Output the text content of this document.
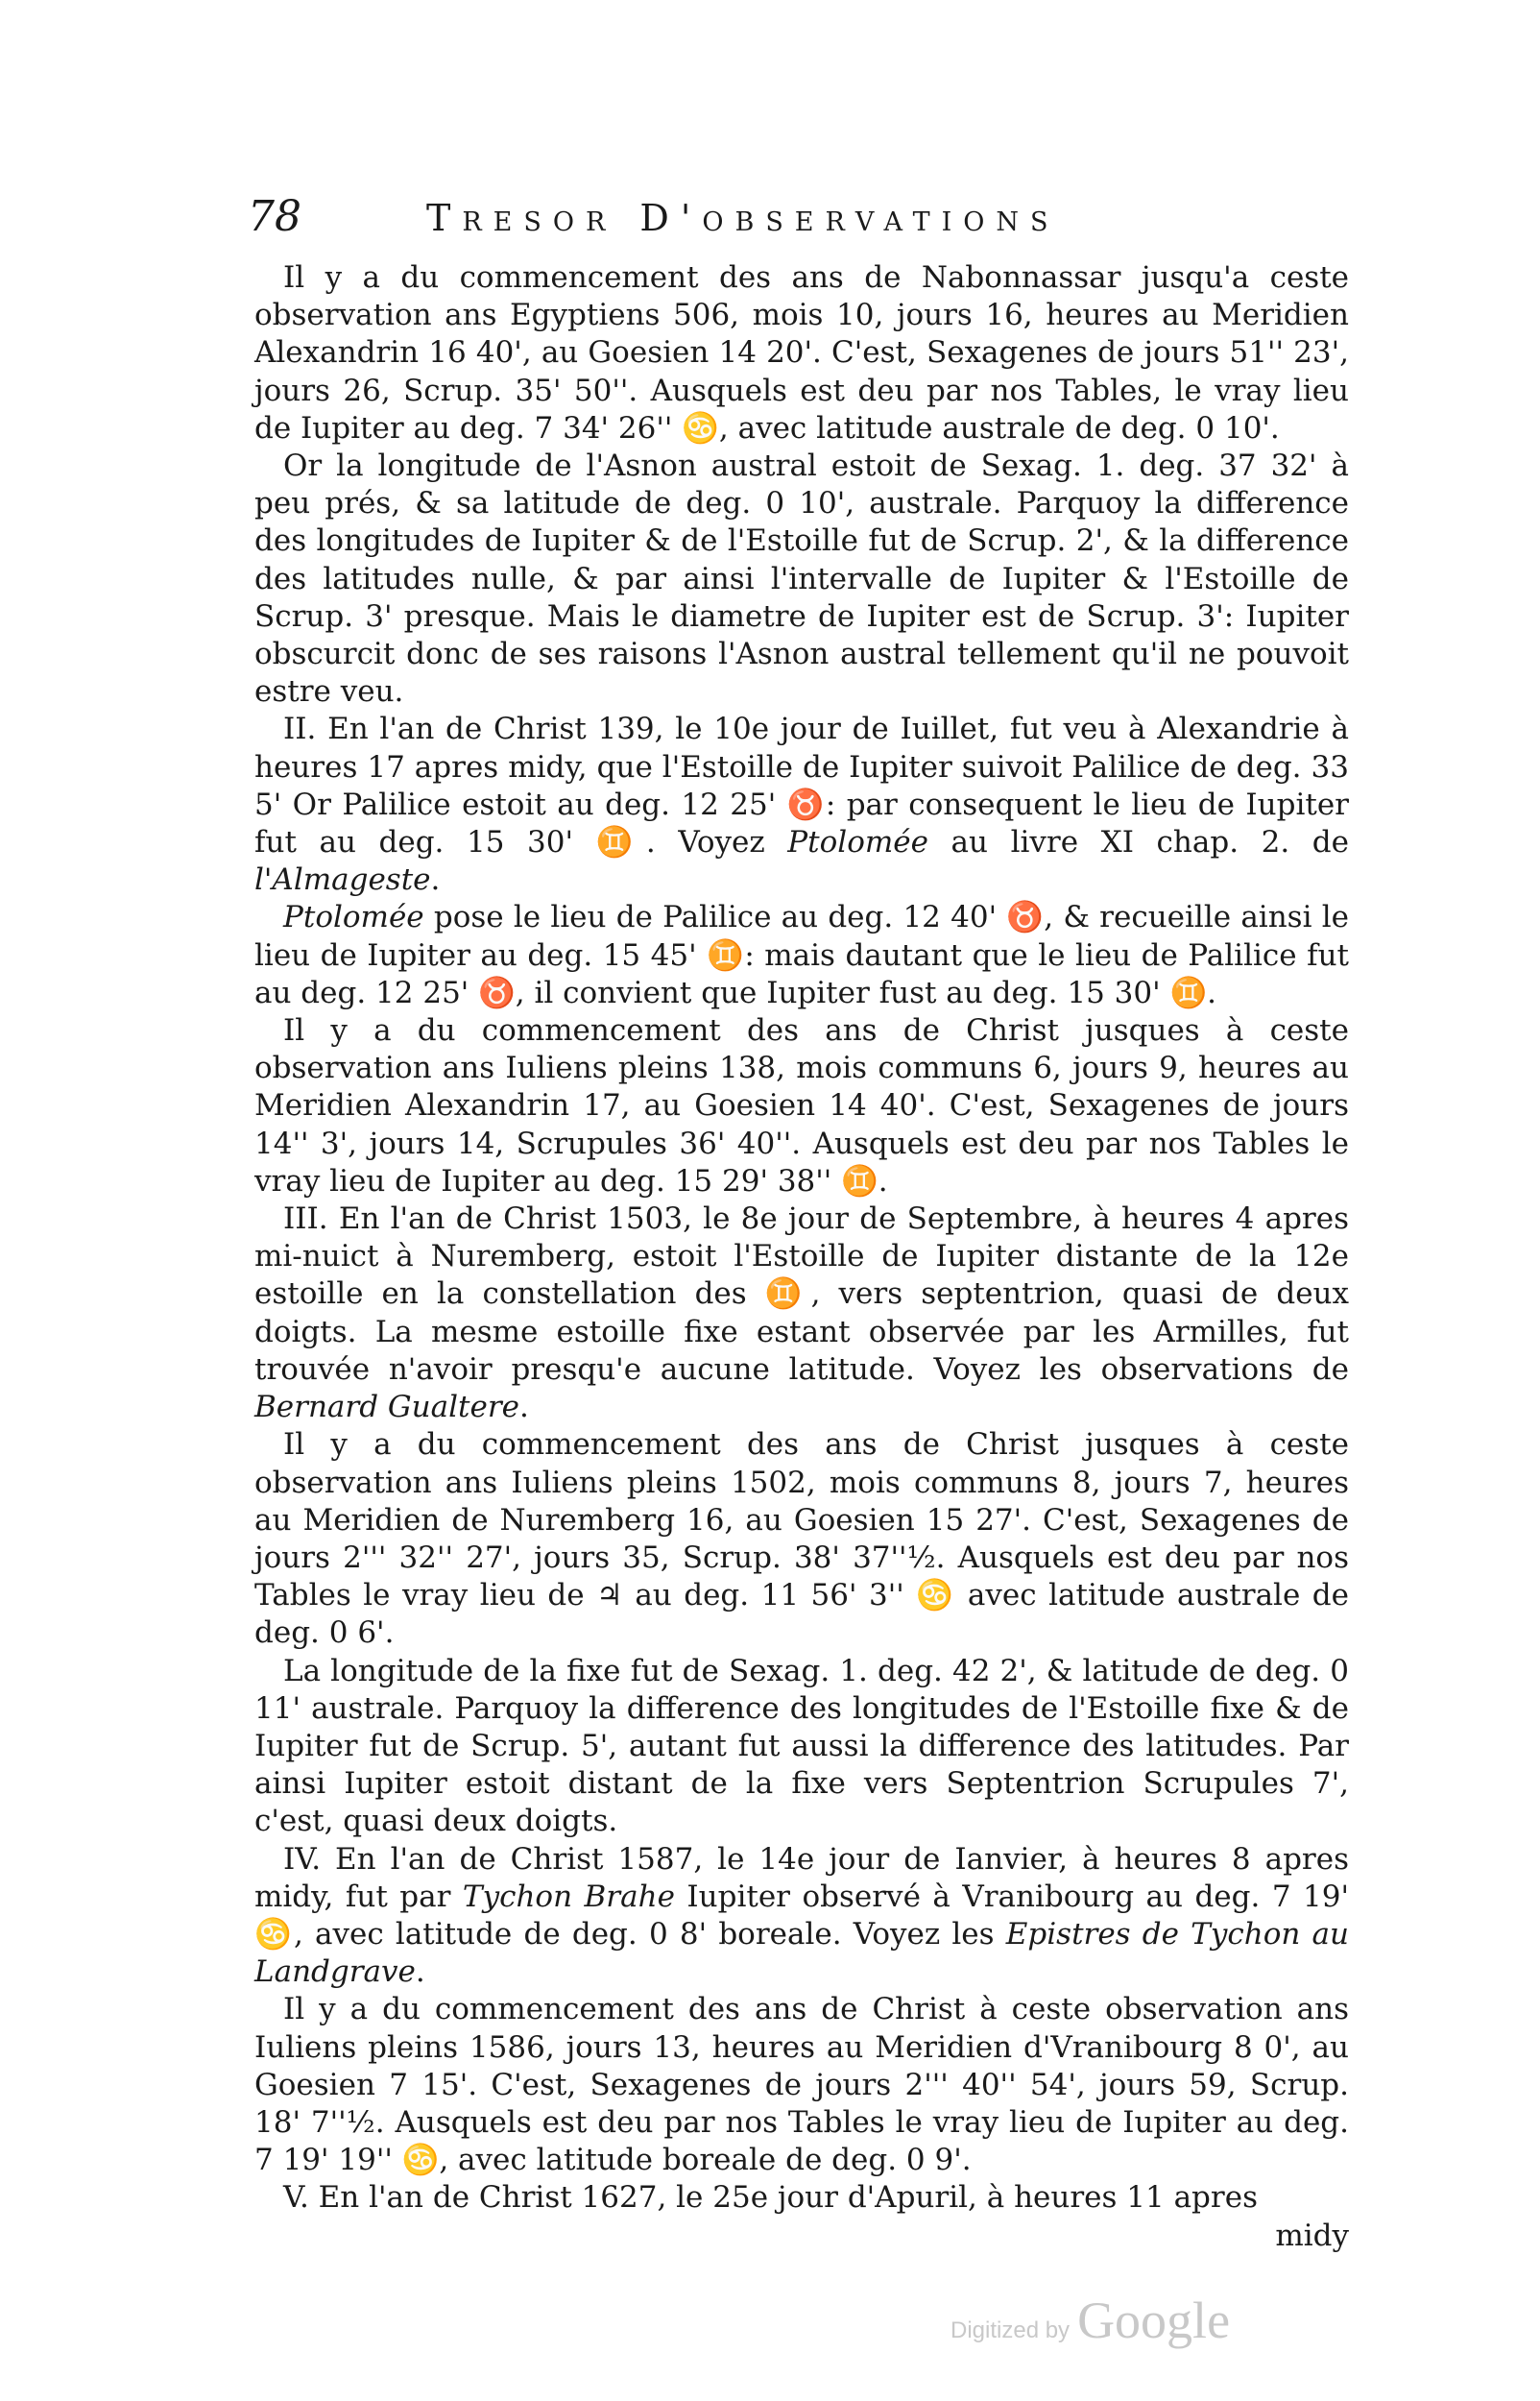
78	Tresor D'observations

Il y a du commencement des ans de Nabonnassar jusqu'a ceste observation ans Egyptiens 506, mois 10, jours 16, heures au Meridien Alexandrin 16 40', au Goesien 14 20'. C'est, Sexagenes de jours 51'' 23', jours 26, Scrup. 35' 50''. Ausquels est deu par nos Tables, le vray lieu de Iupiter au deg. 7 34' 26'' ♋, avec latitude australe de deg. 0 10'.

Or la longitude de l'Asnon austral estoit de Sexag. 1. deg. 37 32' à peu prés, & sa latitude de deg. 0 10', australe. Parquoy la difference des longitudes de Iupiter & de l'Estoille fut de Scrup. 2', & la difference des latitudes nulle, & par ainsi l'intervalle de Iupiter & l'Estoille de Scrup. 3' presque. Mais le diametre de Iupiter est de Scrup. 3': Iupiter obscurcit donc de ses raisons l'Asnon austral tellement qu'il ne pouvoit estre veu.

II. En l'an de Christ 139, le 10e jour de Iuillet, fut veu à Alexandrie à heures 17 apres midy, que l'Estoille de Iupiter suivoit Palilice de deg. 33 5' Or Palilice estoit au deg. 12 25' ♉: par consequent le lieu de Iupiter fut au deg. 15 30' ♊. Voyez Ptolomée au livre XI chap. 2. de l'Almageste.

Ptolomée pose le lieu de Palilice au deg. 12 40' ♉, & recueille ainsi le lieu de Iupiter au deg. 15 45' ♊: mais dautant que le lieu de Palilice fut au deg. 12 25' ♉, il convient que Iupiter fust au deg. 15 30' ♊.

Il y a du commencement des ans de Christ jusques à ceste observation ans Iuliens pleins 138, mois communs 6, jours 9, heures au Meridien Alexandrin 17, au Goesien 14 40'. C'est, Sexagenes de jours 14'' 3', jours 14, Scrupules 36' 40''. Ausquels est deu par nos Tables le vray lieu de Iupiter au deg. 15 29' 38'' ♊.

III. En l'an de Christ 1503, le 8e jour de Septembre, à heures 4 apres mi-nuict à Nuremberg, estoit l'Estoille de Iupiter distante de la 12e estoille en la constellation des ♊, vers septentrion, quasi de deux doigts. La mesme estoille fixe estant observée par les Armilles, fut trouvée n'avoir presqu'e aucune latitude. Voyez les observations de Bernard Gualtere.

Il y a du commencement des ans de Christ jusques à ceste observation ans Iuliens pleins 1502, mois communs 8, jours 7, heures au Meridien de Nuremberg 16, au Goesien 15 27'. C'est, Sexagenes de jours 2''' 32'' 27', jours 35, Scrup. 38' 37''½. Ausquels est deu par nos Tables le vray lieu de ♃ au deg. 11 56' 3'' ♋ avec latitude australe de deg. 0 6'.

La longitude de la fixe fut de Sexag. 1. deg. 42 2', & latitude de deg. 0 11' australe. Parquoy la difference des longitudes de l'Estoille fixe & de Iupiter fut de Scrup. 5', autant fut aussi la difference des latitudes. Par ainsi Iupiter estoit distant de la fixe vers Septentrion Scrupules 7', c'est, quasi deux doigts.

IV. En l'an de Christ 1587, le 14e jour de Ianvier, à heures 8 apres midy, fut par Tychon Brahe Iupiter observé à Vranibourg au deg. 7 19' ♋, avec latitude de deg. 0 8' boreale. Voyez les Epistres de Tychon au Landgrave.

Il y a du commencement des ans de Christ à ceste observation ans Iuliens pleins 1586, jours 13, heures au Meridien d'Vranibourg 8 0', au Goesien 7 15'. C'est, Sexagenes de jours 2''' 40'' 54', jours 59, Scrup. 18' 7''½. Ausquels est deu par nos Tables le vray lieu de Iupiter au deg. 7 19' 19'' ♋, avec latitude boreale de deg. 0 9'.

V. En l'an de Christ 1627, le 25e jour d'Apuril, à heures 11 apres

midy

Digitized by Google
